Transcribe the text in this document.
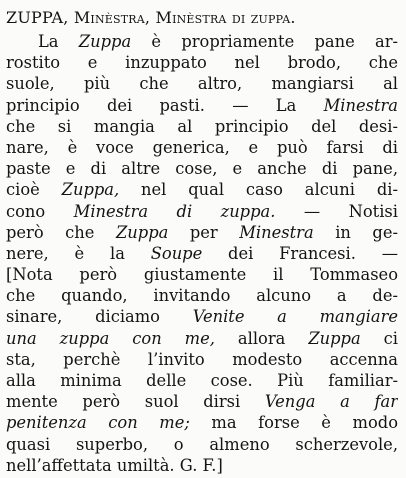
ZUPPA, Minèstra, Minèstra di zuppa.
La Zuppa è propriamente pane ar-
rostito e inzuppato nel brodo, che
suole, più che altro, mangiarsi al
principio dei pasti. — La Minestra
che si mangia al principio del desi-
nare, è voce generica, e può farsi di
paste e di altre cose, e anche di pane,
cioè Zuppa, nel qual caso alcuni di-
cono Minestra di zuppa. — Notisi
però che Zuppa per Minestra in ge-
nere, è la Soupe dei Francesi. —
[Nota però giustamente il Tommaseo
che quando, invitando alcuno a de-
sinare, diciamo Venite a mangiare
una zuppa con me, allora Zuppa ci
sta, perchè l’invito modesto accenna
alla minima delle cose. Più familiar-
mente però suol dirsi Venga a far
penitenza con me; ma forse è modo
quasi superbo, o almeno scherzevole,
nell’affettata umiltà. G. F.]
